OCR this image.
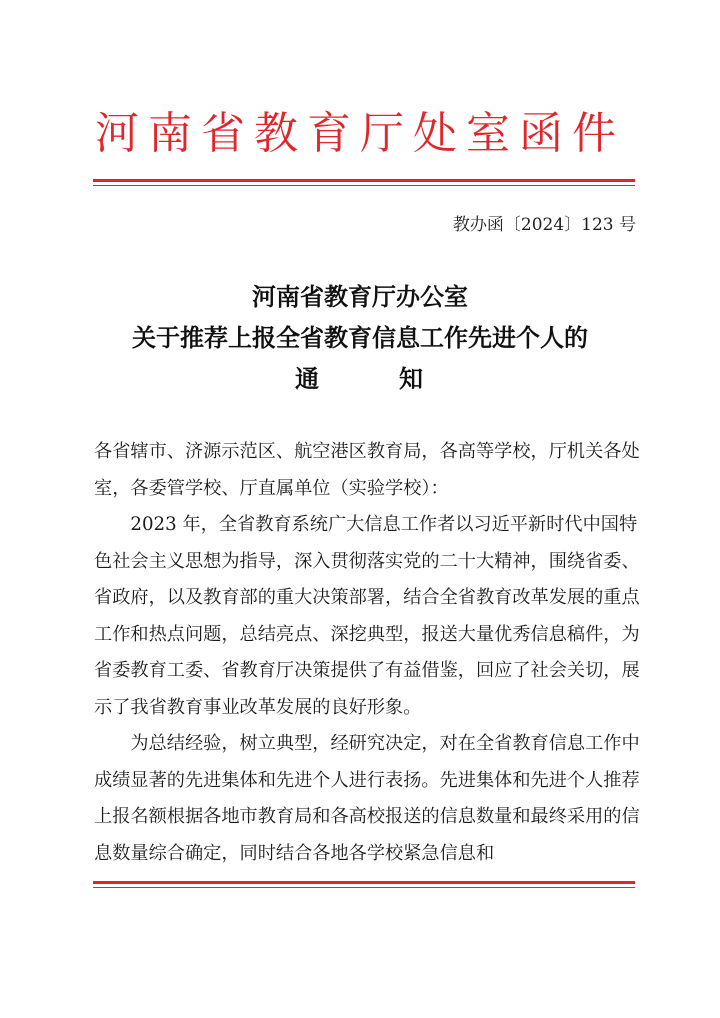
河南省教育厅处室函件
教办函〔2024〕123 号
河南省教育厅办公室
关于推荐上报全省教育信息工作先进个人的
通　　　知

各省辖市、济源示范区、航空港区教育局，各高等学校，厅机关各处室，各委管学校、厅直属单位（实验学校）：

2023 年，全省教育系统广大信息工作者以习近平新时代中国特色社会主义思想为指导，深入贯彻落实党的二十大精神，围绕省委、省政府，以及教育部的重大决策部署，结合全省教育改革发展的重点工作和热点问题，总结亮点、深挖典型，报送大量优秀信息稿件，为省委教育工委、省教育厅决策提供了有益借鉴，回应了社会关切，展示了我省教育事业改革发展的良好形象。

为总结经验，树立典型，经研究决定，对在全省教育信息工作中成绩显著的先进集体和先进个人进行表扬。先进集体和先进个人推荐上报名额根据各地市教育局和各高校报送的信息数量和最终采用的信息数量综合确定，同时结合各地各学校紧急信息和
